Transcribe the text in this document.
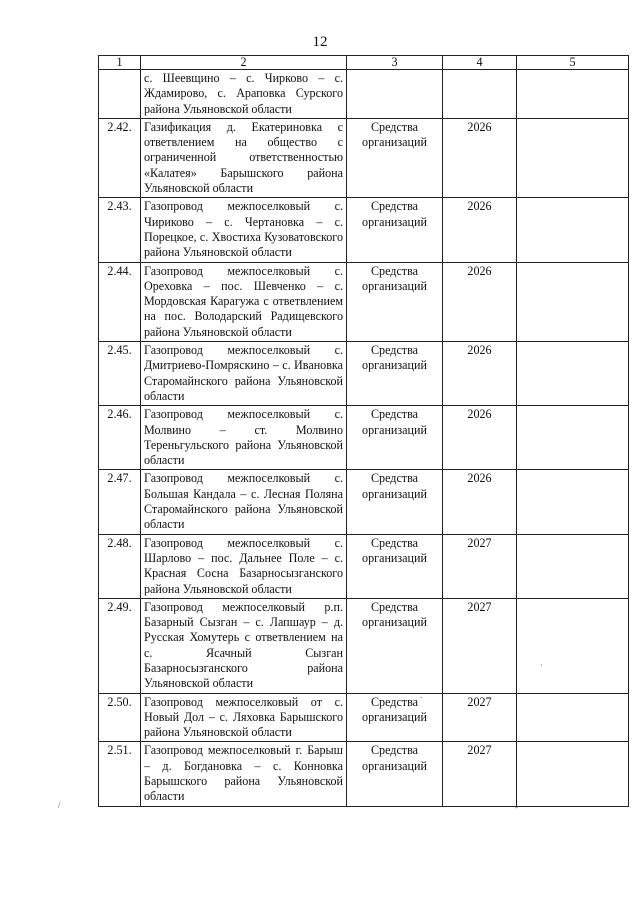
12
1	2	3	4	5
	с. Шеевщино – с. Чирково – с. Ждамирово, с. Араповка Сурского района Ульяновской области			
2.42.	Газификация д. Екатериновка с ответвлением на общество с ограниченной ответственностью «Калатея» Барышского района Ульяновской области	Средства организаций	2026	
2.43.	Газопровод межпоселковый с. Чириково – с. Чертановка – с. Порецкое, с. Хвостиха Кузоватовского района Ульяновской области	Средства организаций	2026	
2.44.	Газопровод межпоселковый с. Ореховка – пос. Шевченко – с. Мордовская Карагужа с ответвлением на пос. Володарский Радищевского района Ульяновской области	Средства организаций	2026	
2.45.	Газопровод межпоселковый с. Дмитриево-Помряскино – с. Ивановка Старомайнского района Ульяновской области	Средства организаций	2026	
2.46.	Газопровод межпоселковый с. Молвино – ст. Молвино Тереньгульского района Ульяновской области	Средства организаций	2026	
2.47.	Газопровод межпоселковый с. Большая Кандала – с. Лесная Поляна Старомайнского района Ульяновской области	Средства организаций	2026	
2.48.	Газопровод межпоселковый с. Шарлово – пос. Дальнее Поле – с. Красная Сосна Базарносызганского района Ульяновской области	Средства организаций	2027	
2.49.	Газопровод межпоселковый р.п. Базарный Сызган – с. Лапшаур – д. Русская Хомутерь с ответвлением на с. Ясачный Сызган Базарносызганского района Ульяновской области	Средства организаций	2027	
2.50.	Газопровод межпоселковый от с. Новый Дол – с. Ляховка Барышского района Ульяновской области	Средства организаций	2027	
2.51.	Газопровод межпоселковый г. Барыш – д. Богдановка – с. Конновка Барышского района Ульяновской области	Средства организаций	2027	
/	-
·
.
